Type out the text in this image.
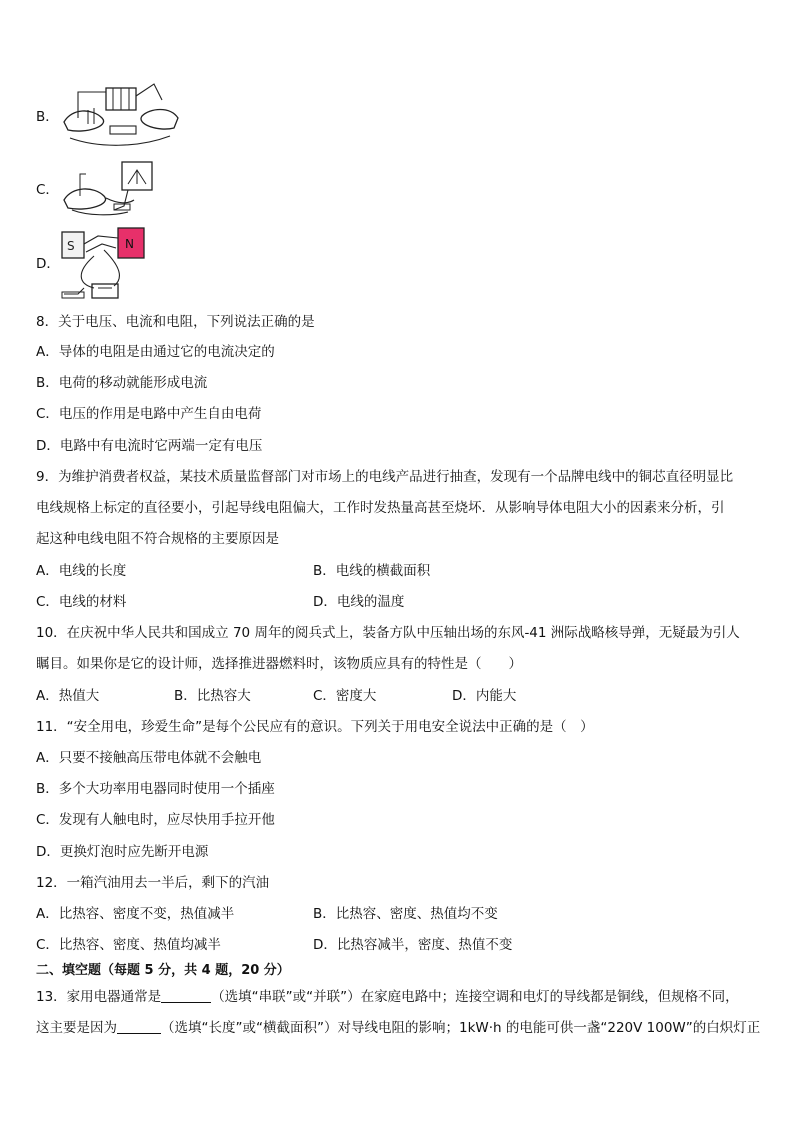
B．
C．
D．
S	N
8．关于电压、电流和电阻，下列说法正确的是
A．导体的电阻是由通过它的电流决定的
B．电荷的移动就能形成电流
C．电压的作用是电路中产生自由电荷
D．电路中有电流时它两端一定有电压
9．为维护消费者权益，某技术质量监督部门对市场上的电线产品进行抽查，发现有一个品牌电线中的铜芯直径明显比
电线规格上标定的直径要小，引起导线电阻偏大，工作时发热量高甚至烧坏．从影响导体电阻大小的因素来分析，引
起这种电线电阻不符合规格的主要原因是
A．电线的长度	B．电线的横截面积
C．电线的材料	D．电线的温度
10．在庆祝中华人民共和国成立 70 周年的阅兵式上，装备方队中压轴出场的东风-41 洲际战略核导弹，无疑最为引人
瞩目。如果你是它的设计师，选择推进器燃料时，该物质应具有的特性是（　　）
A．热值大	B．比热容大	C．密度大	D．内能大
11．“安全用电，珍爱生命”是每个公民应有的意识。下列关于用电安全说法中正确的是（　）
A．只要不接触高压带电体就不会触电
B．多个大功率用电器同时使用一个插座
C．发现有人触电时，应尽快用手拉开他
D．更换灯泡时应先断开电源
12．一箱汽油用去一半后，剩下的汽油
A．比热容、密度不变，热值减半	B．比热容、密度、热值均不变
C．比热容、密度、热值均减半	D．比热容减半，密度、热值不变
二、填空题（每题 5 分，共 4 题，20 分）
13．家用电器通常是	（选填“串联”或“并联”）在家庭电路中；连接空调和电灯的导线都是铜线，但规格不同，
这主要是因为	（选填“长度”或“横截面积”）对导线电阻的影响；1kW·h 的电能可供一盏“220V 100W”的白炽灯正
